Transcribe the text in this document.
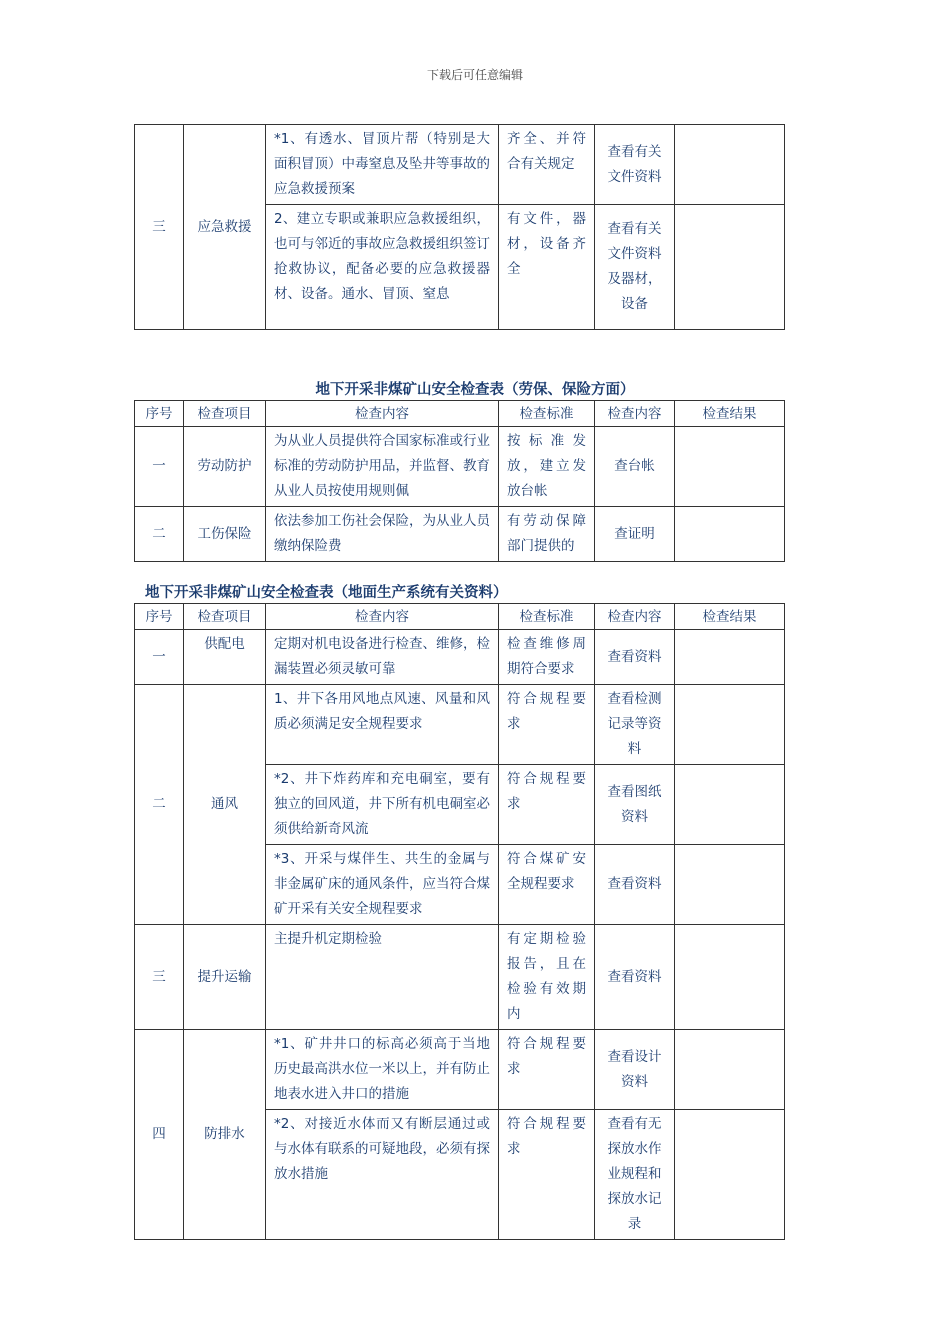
下载后可任意编辑
三	应急救援	*1、有透水、冒顶片帮（特别是大面积冒顶）中毒窒息及坠井等事故的应急救援预案	齐全、并符合有关规定	查看有关文件资料	
		2、建立专职或兼职应急救援组织，也可与邻近的事故应急救援组织签订抢救协议，配备必要的应急救援器材、设备。通水、冒顶、窒息	有文件，器材，设备齐全	查看有关文件资料及器材，设备	
地下开采非煤矿山安全检查表（劳保、保险方面）
序号	检查项目	检查内容	检查标准	检查内容	检查结果
一	劳动防护	为从业人员提供符合国家标准或行业标准的劳动防护用品，并监督、教育从业人员按使用规则佩	按标准发放，建立发放台帐	查台帐	
二	工伤保险	依法参加工伤社会保险，为从业人员缴纳保险费	有劳动保障部门提供的	查证明	
地下开采非煤矿山安全检查表（地面生产系统有关资料）
序号	检查项目	检查内容	检查标准	检查内容	检查结果
一	供配电	定期对机电设备进行检查、维修，检漏装置必须灵敏可靠	检查维修周期符合要求	查看资料	
二	通风	1、井下各用风地点风速、风量和风质必须满足安全规程要求	符合规程要求	查看检测记录等资料	
		*2、井下炸药库和充电硐室，要有独立的回风道，井下所有机电硐室必须供给新奇风流	符合规程要求	查看图纸资料	
		*3、开采与煤伴生、共生的金属与非金属矿床的通风条件，应当符合煤矿开采有关安全规程要求	符合煤矿安全规程要求	查看资料	
三	提升运输	主提升机定期检验	有定期检验报告，且在检验有效期内	查看资料	
四	防排水	*1、矿井井口的标高必须高于当地历史最高洪水位一米以上，并有防止地表水进入井口的措施	符合规程要求	查看设计资料	
		*2、对接近水体而又有断层通过或与水体有联系的可疑地段，必须有探放水措施	符合规程要求	查看有无探放水作业规程和探放水记录	
